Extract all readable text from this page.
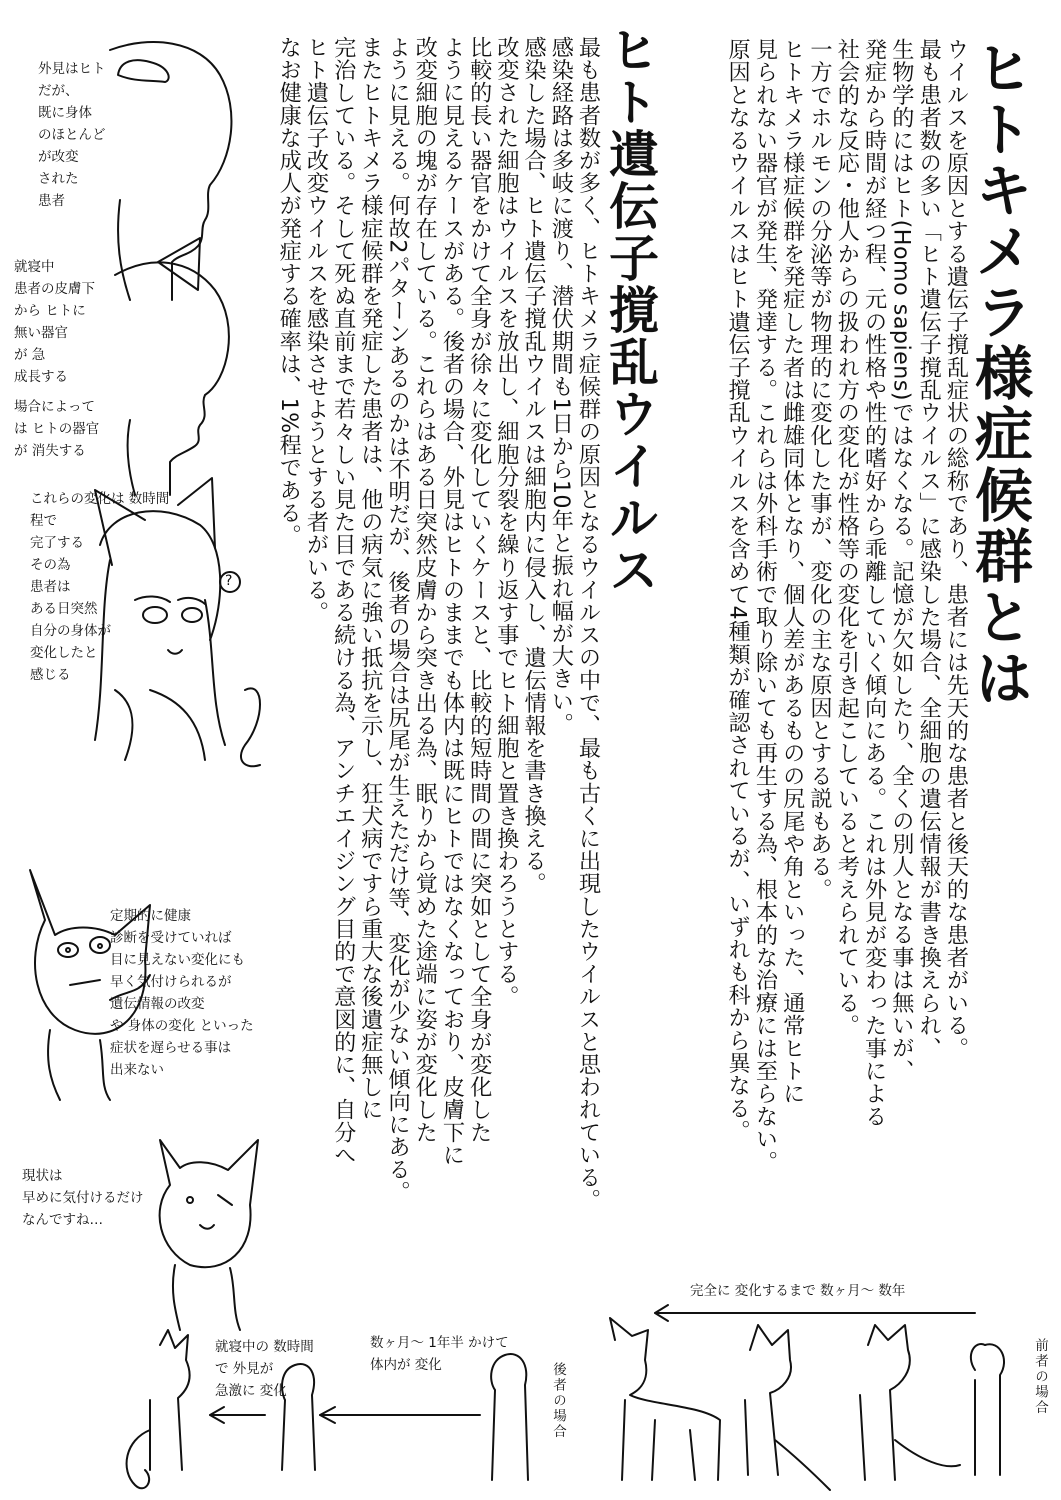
ヒトキメラ様症候群とは
ウイルスを原因とする遺伝子撹乱症状の総称であり、患者には先天的な患者と後天的な患者がいる。
最も患者数の多い「ヒト遺伝子撹乱ウイルス」に感染した場合、全細胞の遺伝情報が書き換えられ、
生物学的にはヒト(Homo sapiens)ではなくなる。記憶が欠如したり、全くの別人となる事は無いが、
発症から時間が経つ程、元の性格や性的嗜好から乖離していく傾向にある。これは外見が変わった事による
社会的な反応・他人からの扱われ方の変化が性格等の変化を引き起こしていると考えられている。
一方でホルモンの分泌等が物理的に変化した事が、変化の主な原因とする説もある。
ヒトキメラ様症候群を発症した者は雌雄同体となり、個人差があるものの尻尾や角といった、通常ヒトに
見られない器官が発生、発達する。これらは外科手術で取り除いても再生する為、根本的な治療には至らない。
原因となるウイルスはヒト遺伝子撹乱ウイルスを含めて4種類が確認されているが、いずれも科から異なる。
ヒト遺伝子撹乱ウイルス
最も患者数が多く、ヒトキメラ症候群の原因となるウイルスの中で、最も古くに出現したウイルスと思われている。
感染経路は多岐に渡り、潜伏期間も1日から10年と振れ幅が大きい。
感染した場合、ヒト遺伝子撹乱ウイルスは細胞内に侵入し、遺伝情報を書き換える。
改変された細胞はウイルスを放出し、細胞分裂を繰り返す事でヒト細胞と置き換わろうとする。
比較的長い器官をかけて全身が徐々に変化していくケースと、比較的短時間の間に突如として全身が変化した
ように見えるケースがある。後者の場合、外見はヒトのままでも体内は既にヒトではなくなっており、皮膚下に
改変細胞の塊が存在している。これらはある日突然皮膚から突き出る為、眠りから覚めた途端に姿が変化した
ように見える。何故2パターンあるのかは不明だが、後者の場合は尻尾が生えただけ等、変化が少ない傾向にある。
またヒトキメラ様症候群を発症した患者は、他の病気に強い抵抗を示し、狂犬病ですら重大な後遺症無しに
完治している。そして死ぬ直前まで若々しい見た目である続ける為、アンチエイジング目的で意図的に、自分へ
ヒト遺伝子改変ウイルスを感染させようとする者がいる。
なお健康な成人が発症する確率は、1%程である。
外見はヒト
だが、
既に身体
のほとんど
が改変
された
患者
就寝中
患者の皮膚下
から ヒトに
無い器官
が 急
成長する
場合によって
は ヒトの器官
が 消失する
これらの変化は 数時間
程で
完了する
その為
患者は
ある日突然
自分の身体が
変化したと
感じる
?
定期的に健康
診断を受けていれば
目に見えない変化にも
早く気付けられるが
遺伝情報の改変
や 身体の変化 といった
症状を遅らせる事は
出来ない
現状は
早めに気付けるだけ
なんですね…
完全に 変化するまで 数ヶ月〜 数年
数ヶ月〜 1年半 かけて
体内が 変化
就寝中の 数時間
で 外見が
急激に 変化	後者の場合	前者の場合
